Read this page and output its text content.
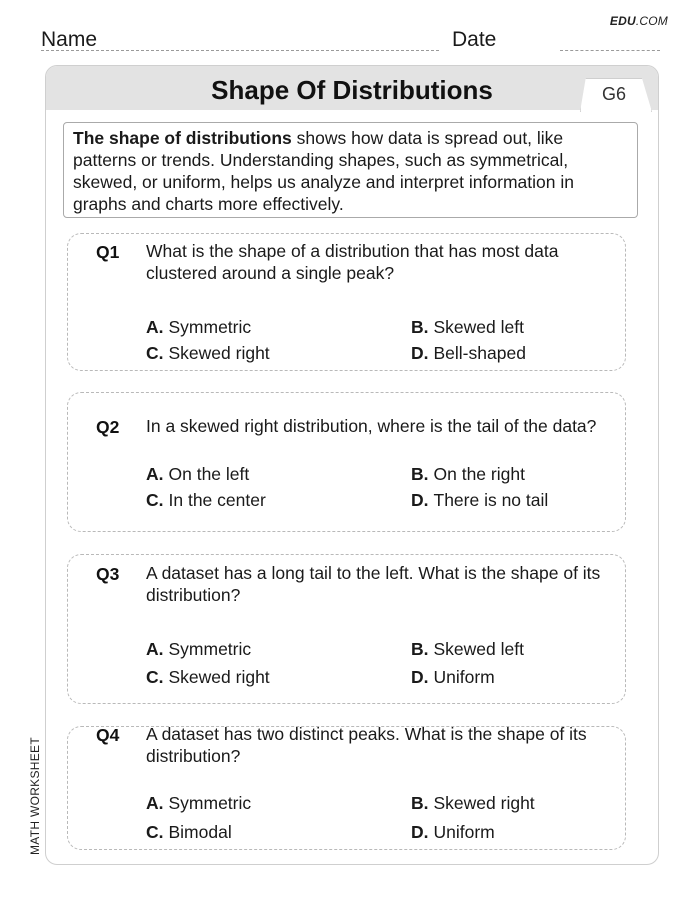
EDU.COM
Name	Date
Shape Of Distributions	G6
The shape of distributions shows how data is spread out, like patterns or trends. Understanding shapes, such as symmetrical, skewed, or uniform, helps us analyze and interpret information in graphs and charts more effectively.
Q1 What is the shape of a distribution that has most data clustered around a single peak?
A. Symmetric	B. Skewed left
C. Skewed right	D. Bell-shaped
Q2 In a skewed right distribution, where is the tail of the data?
A. On the left	B. On the right
C. In the center	D. There is no tail
Q3 A dataset has a long tail to the left. What is the shape of its distribution?
A. Symmetric	B. Skewed left
C. Skewed right	D. Uniform
Q4 A dataset has two distinct peaks. What is the shape of its distribution?
A. Symmetric	B. Skewed right
C. Bimodal	D. Uniform
MATH WORKSHEET
